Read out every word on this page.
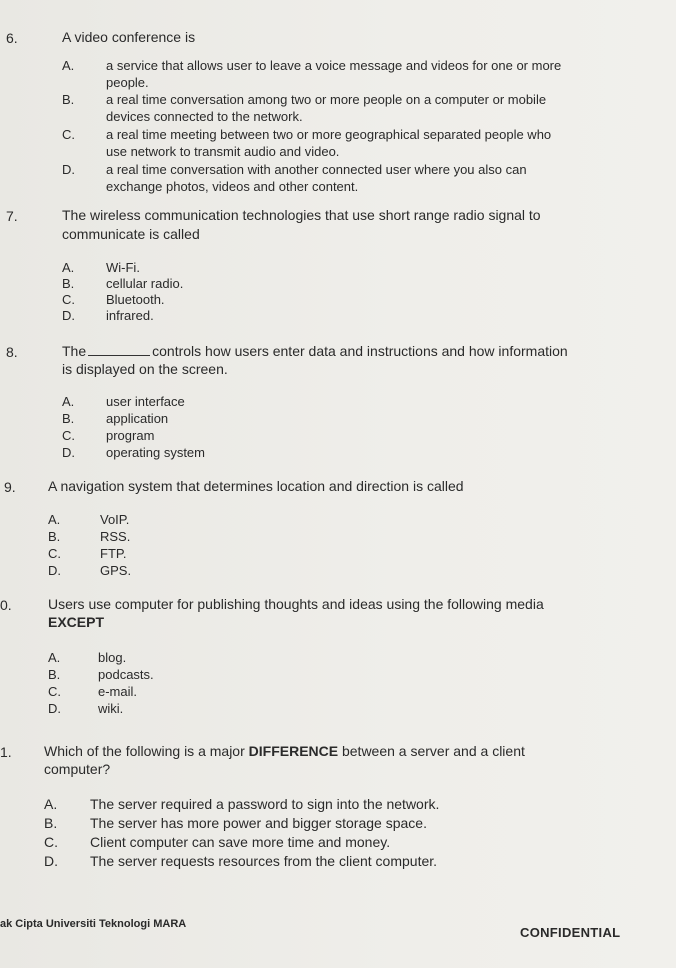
6.	A video conference is
A. a service that allows user to leave a voice message and videos for one or more
people.
B. a real time conversation among two or more people on a computer or mobile
devices connected to the network.
C. a real time meeting between two or more geographical separated people who
use network to transmit audio and video.
D. a real time conversation with another connected user where you also can
exchange photos, videos and other content.
7.	The wireless communication technologies that use short range radio signal to
communicate is called
A. Wi-Fi.
B. cellular radio.
C. Bluetooth.
D. infrared.
8.	The	controls how users enter data and instructions and how information
is displayed on the screen.
A. user interface
B. application
C. program
D. operating system
9. A navigation system that determines location and direction is called
A.	VoIP.
B.	RSS.
C.	FTP.
D.	GPS.
0.	Users use computer for publishing thoughts and ideas using the following media
EXCEPT
A.	blog.
B.	podcasts.
C.	e-mail.
D.	wiki.
1. Which of the following is a major DIFFERENCE between a server and a client
computer?
A. The server required a password to sign into the network.
B. The server has more power and bigger storage space.
C. Client computer can save more time and money.
D. The server requests resources from the client computer.
ak Cipta Universiti Teknologi MARA
CONFIDENTIAL
